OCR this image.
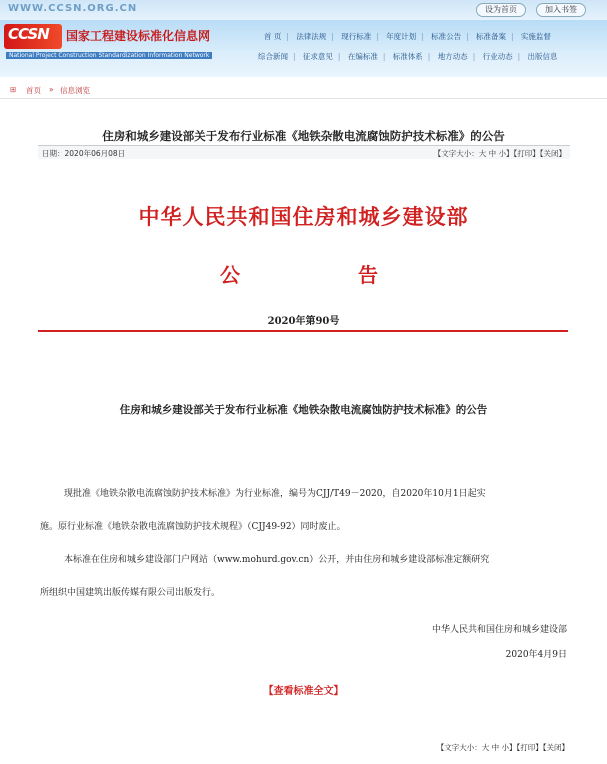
WWW.CCSN.ORG.CN	设为首页	加入书签
CCSN 国家工程建设标准化信息网
National Project Construction Standardization Information Network
首 页 | 法律法规 | 现行标准 | 年度计划 | 标准公告 | 标准备案 | 实施监督
综合新闻 | 征求意见 | 在编标准 | 标准体系 | 地方动态 | 行业动态 | 出版信息
⊞ 首页 » 信息浏览
住房和城乡建设部关于发布行业标准《地铁杂散电流腐蚀防护技术标准》的公告
日期：2020年06月08日	【文字大小：大 中 小】【打印】【关闭】
中华人民共和国住房和城乡建设部
公	告
2020年第90号
住房和城乡建设部关于发布行业标准《地铁杂散电流腐蚀防护技术标准》的公告
现批准《地铁杂散电流腐蚀防护技术标准》为行业标准，编号为CJJ/T49－2020，自2020年10月1日起实
施。原行业标准《地铁杂散电流腐蚀防护技术规程》（CJJ49-92）同时废止。
本标准在住房和城乡建设部门户网站（www.mohurd.gov.cn）公开，并由住房和城乡建设部标准定额研究
所组织中国建筑出版传媒有限公司出版发行。
中华人民共和国住房和城乡建设部
2020年4月9日
【查看标准全文】
【文字大小：大 中 小】【打印】【关闭】
